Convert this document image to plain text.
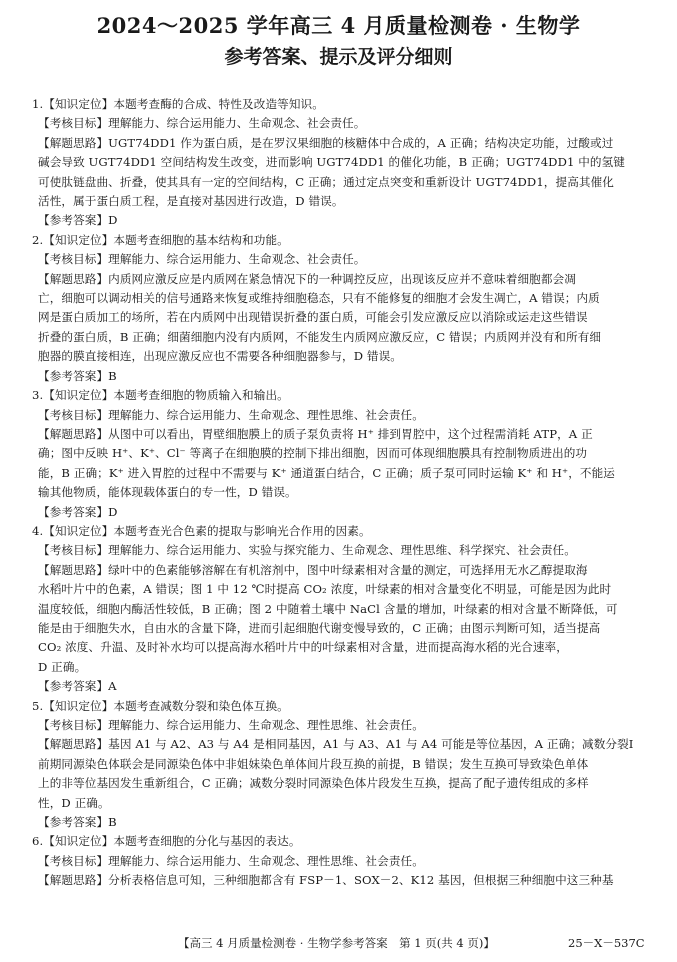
2024～2025 学年高三 4 月质量检测卷 · 生物学
参考答案、提示及评分细则
1.【知识定位】本题考查酶的合成、特性及改造等知识。
【考核目标】理解能力、综合运用能力、生命观念、社会责任。
【解题思路】UGT74DD1 作为蛋白质，是在罗汉果细胞的核糖体中合成的，A 正确；结构决定功能，过酸或过
碱会导致 UGT74DD1 空间结构发生改变，进而影响 UGT74DD1 的催化功能，B 正确；UGT74DD1 中的氢键
可使肽链盘曲、折叠，使其具有一定的空间结构，C 正确；通过定点突变和重新设计 UGT74DD1，提高其催化
活性，属于蛋白质工程，是直接对基因进行改造，D 错误。
【参考答案】D
2.【知识定位】本题考查细胞的基本结构和功能。
【考核目标】理解能力、综合运用能力、生命观念、社会责任。
【解题思路】内质网应激反应是内质网在紧急情况下的一种调控反应，出现该反应并不意味着细胞都会凋
亡，细胞可以调动相关的信号通路来恢复或维持细胞稳态，只有不能修复的细胞才会发生凋亡，A 错误；内质
网是蛋白质加工的场所，若在内质网中出现错误折叠的蛋白质，可能会引发应激反应以消除或运走这些错误
折叠的蛋白质，B 正确；细菌细胞内没有内质网，不能发生内质网应激反应，C 错误；内质网并没有和所有细
胞器的膜直接相连，出现应激反应也不需要各种细胞器参与，D 错误。
【参考答案】B
3.【知识定位】本题考查细胞的物质输入和输出。
【考核目标】理解能力、综合运用能力、生命观念、理性思维、社会责任。
【解题思路】从图中可以看出，胃壁细胞膜上的质子泵负责将 H⁺ 排到胃腔中，这个过程需消耗 ATP，A 正
确；图中反映 H⁺、K⁺、Cl⁻ 等离子在细胞膜的控制下排出细胞，因而可体现细胞膜具有控制物质进出的功
能，B 正确；K⁺ 进入胃腔的过程中不需要与 K⁺ 通道蛋白结合，C 正确；质子泵可同时运输 K⁺ 和 H⁺，不能运
输其他物质，能体现载体蛋白的专一性，D 错误。
【参考答案】D
4.【知识定位】本题考查光合色素的提取与影响光合作用的因素。
【考核目标】理解能力、综合运用能力、实验与探究能力、生命观念、理性思维、科学探究、社会责任。
【解题思路】绿叶中的色素能够溶解在有机溶剂中，图中叶绿素相对含量的测定，可选择用无水乙醇提取海
水稻叶片中的色素，A 错误；图 1 中 12 ℃时提高 CO₂ 浓度，叶绿素的相对含量变化不明显，可能是因为此时
温度较低，细胞内酶活性较低，B 正确；图 2 中随着土壤中 NaCl 含量的增加，叶绿素的相对含量不断降低，可
能是由于细胞失水，自由水的含量下降，进而引起细胞代谢变慢导致的，C 正确；由图示判断可知，适当提高
CO₂ 浓度、升温、及时补水均可以提高海水稻叶片中的叶绿素相对含量，进而提高海水稻的光合速率，
D 正确。
【参考答案】A
5.【知识定位】本题考查减数分裂和染色体互换。
【考核目标】理解能力、综合运用能力、生命观念、理性思维、社会责任。
【解题思路】基因 A1 与 A2、A3 与 A4 是相同基因，A1 与 A3、A1 与 A4 可能是等位基因，A 正确；减数分裂Ⅰ
前期同源染色体联会是同源染色体中非姐妹染色单体间片段互换的前提，B 错误；发生互换可导致染色单体
上的非等位基因发生重新组合，C 正确；减数分裂时同源染色体片段发生互换，提高了配子遗传组成的多样
性，D 正确。
【参考答案】B
6.【知识定位】本题考查细胞的分化与基因的表达。
【考核目标】理解能力、综合运用能力、生命观念、理性思维、社会责任。
【解题思路】分析表格信息可知，三种细胞都含有 FSP－1、SOX－2、K12 基因，但根据三种细胞中这三种基
【高三 4 月质量检测卷 · 生物学参考答案　第 1 页(共 4 页)】	25－X－537C
